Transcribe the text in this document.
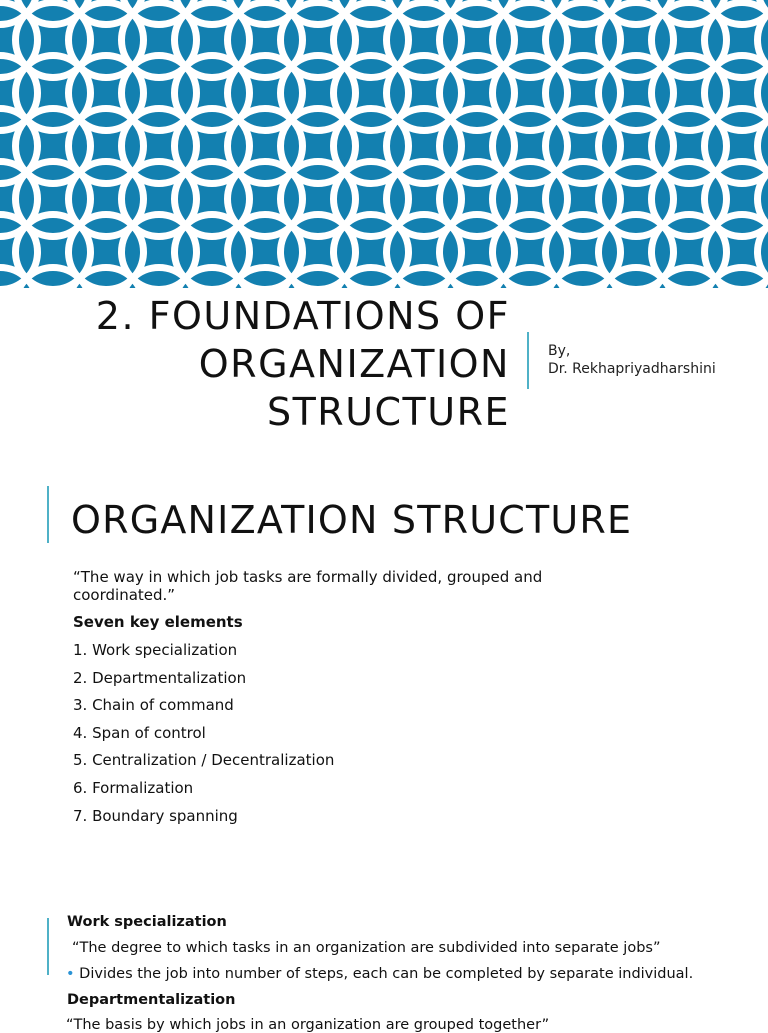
2. FOUNDATIONS OF
ORGANIZATION
STRUCTURE
By,
Dr. Rekhapriyadharshini
ORGANIZATION STRUCTURE

“The way in which job tasks are formally divided, grouped and coordinated.”

Seven key elements
1. Work specialization
2. Departmentalization
3. Chain of command
4. Span of control
5. Centralization / Decentralization
6. Formalization
7. Boundary spanning
Work specialization
“The degree to which tasks in an organization are subdivided into separate jobs”
• Divides the job into number of steps, each can be completed by separate individual.
Departmentalization
“The basis by which jobs in an organization are grouped together”
